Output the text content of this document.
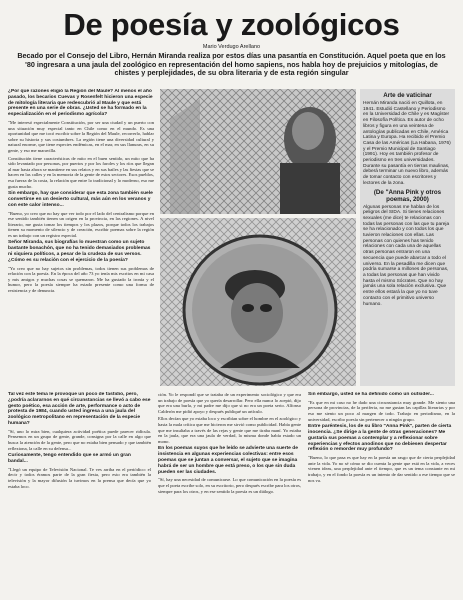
De poesía y zoológicos
Mario Verdugo Arellano
Becado por el Consejo del Libro, Hernán Miranda realiza por estos días una pasantía en Constitución. Aquel poeta que en los '80 ingresara a una jaula del zoológico en representación del homo sapiens, nos habla hoy de prejuicios y mitologías, de chistes y perplejidades, de su obra literaria y de esta región singular
¿Por qué razones eligió la Región del Maule? Al menos el año pasado, los becarios Cuevas y Rosenfelt hicieron una especie de mitología literaria que redescubrió al Maule y que está presente en una serie de obras. ¿Usted se ha formado en la especialización en el periodismo agrícola?
"Me interesó especialmente Constitución, por ser una ciudad y un puerto con una situación muy especial tanto en Chile como en el mundo. Es una oportunidad que me tocó escribir sobre la Región del Maule, recorrerlo, hablar sobre su historia y sus costumbres. La región tiene una diversidad cultural y natural enorme, que tiene especies endémicas, en el mar, en sus llanuras, en su gente, y eso me maravilla.
Constitución tiene características de mito en el buen sentido, un mito que ha sido levantado por personas, por puertos y por los faroles y los ríos que llegan al mar hasta ahora se mantiene en sus relatos y en sus bailes y las fiestas que se hacen en las calles y en la memoria de la gente de estos sectores. Esos pueblos, esa fuerza de la costa, la relación que entre lo tradicional y lo moderno, eso me gusta mucho.
Sin embargo, hay que considerar que esta zona también suele convertirse en un desierto cultural, más aún en los veranos y con este calor intenso...
"Bueno, yo creo que no hay que ver todo por el lado del centralismo porque en ese sentido también tienen un origen en la provincia, en las regiones. A nivel literario, me gusta tomar los tiempos y los plazos, porque todos los trabajos tienen su momento de silencio y de creación, escribir poemas sobre la región es un trabajo con un registro especial.
Señor Miranda, sus biografías lo muestran como un sujeto bastante bonachón, que no ha tenido demasiados problemas ni siquiera políticos, a pesar de la crudeza de sus versos. ¿Cómo es su relación con el ejercicio de la poesía?
"Yo creo que no hay sujetos sin problemas, todos tienen sus problemas de relación con la poesía. En la época del año 73 yo tenía mis escritos en mi casa y mis amigos y muchas cosas se quemaron. Me ha gustado la ironía y el humor, pero la poesía siempre ha estado presente como una forma de resistencia y de denuncia.
Arte de vaticinar
Hernán Miranda nació en Quillota, en 1941. Estudió Castellano y Periodismo en la Universidad de Chile y es Magíster en Filosofía Política. Es autor de ocho libros y figura en una veintena de antologías publicadas en Chile, América Latina y Europa. Ha recibido el Premio Casa de las Américas (La Habana, 1976) y el Premio Municipal de Santiago (1991). Hoy es también profesor de periodismo en tres universidades. Durante su pasantía en tierras maulinas, deberá terminar un nuevo libro, además de tomar contacto con escritores y lectores de la zona.
(De "Anna Pink y otros poemas, 2000)
Algunas personas me hablan de los peligros del SIDA. Si tienes relaciones sexuales (me dice) te relacionas con todas las personas con las que tu pareja se ha relacionado y con todos los que tuvieron relaciones con ellas. Las personas con quienes has tenido relaciones con cada una de aquellas otras personas entraron en una secuencia que puede abarcar a todo el universo. En la pesadilla me dicen que podría sumarse a millones de personas, a todas las personas que han vivido hasta el mismo Sócrates. Que no hay jamás una sola relación exclusiva. Que entre ellos estará la que yo no tuve contacto con el primitivo universo humano.
Tal vez este tema le provoque un poco de fastidio, pero, ¿podría aclararnos en qué circunstancias se llevó a cabo ese gesto poético, esa acción de arte, performance o acto de protesta de 1984, cuando usted ingresa a una jaula del zoológico metropolitano en representación de la especie humana?
"Sí, uno lo mira bien, cualquiera actividad poética puede parecer ridícula. Pensemos en un grupo de gente, grande, consigna por la calle en algo que busca la atención de la gente, pero que no estaba bien pensado y que también reflexiona, la calle en su defensa...
Curiosamente, tengo entendido que se armó un gran bandal...
"Llegó un equipo de Televisión Nacional. Te ves arriba en el periódico: el decir y todos éramos parte de la gran fiesta, pero esto era también la televisión y la mayor difusión la tuvimos en la prensa que decía que yo estaba loco.
ción. Yo le respondí que se trataba de un experimento sociológico y que era un trabajo de poesía que yo quería desarrollar. Pero ella nunca lo aceptó, dijo que era una burla, y mi padre me dijo que si no era un poeta serio. Alfonso Calderón me pidió apoyo y después publiqué un artículo.
Ellos decían que yo estaba loco y escribían sobre el hombre en el zoológico y hasta la mala crítica que me hicieron me sirvió como publicidad. Había gente que me insultaba a través de las rejas y gente que me tiraba maní. Yo estaba en la jaula, que era una jaula de verdad, la misma donde había estado un mono.
En los poemas suyos que he leído se advierte una suerte de insistencia en algunas experiencias colectivas: entre esos poemas que se juntan a conversar, el sujeto que se imagina habrá de ser un hombre que está preso, o los que sin duda pueden ser las ciudades.
"Sí, hay una necesidad de comunicarse. Lo que comunicación en la poesía es que el poeta escribe solo, en su escritorio, pero después escribe para los otros, siempre para los otros, y en ese sentido la poesía es un diálogo.
Sin embargo, usted se ha definido como un outsider...
"Es que en mi caso no he dado una circunstancia muy grande. Me siento una persona de provincias, de la periferia, no me gustan las capillas literarias y por eso me siento un poco al margen de todo. Trabajo en periodismo, en la universidad, escribo poesía sin pertenecer a ningún grupo.
Entre paréntesis, los de su libro "Anna Pink", parten de cierta inocencia. ¿Se dirige a la gente de otras generaciones? Me gustaría sus poemas a contemplar y a reflexionar sobre experiencias y efectos anodinos que no debiesen despertar reflexión o remorder muy profundo?
"Bueno, lo que pasa es que hay en la poesía un rasgo que de cierta perplejidad ante la vida. Yo no sé cómo se dio cuenta la gente que está en la vida, a veces vienen ideas, una perplejidad ante el tiempo, que es un tema constante en mi trabajo, y en el fondo la poesía es un intento de dar sentido a ese tiempo que se nos va.
